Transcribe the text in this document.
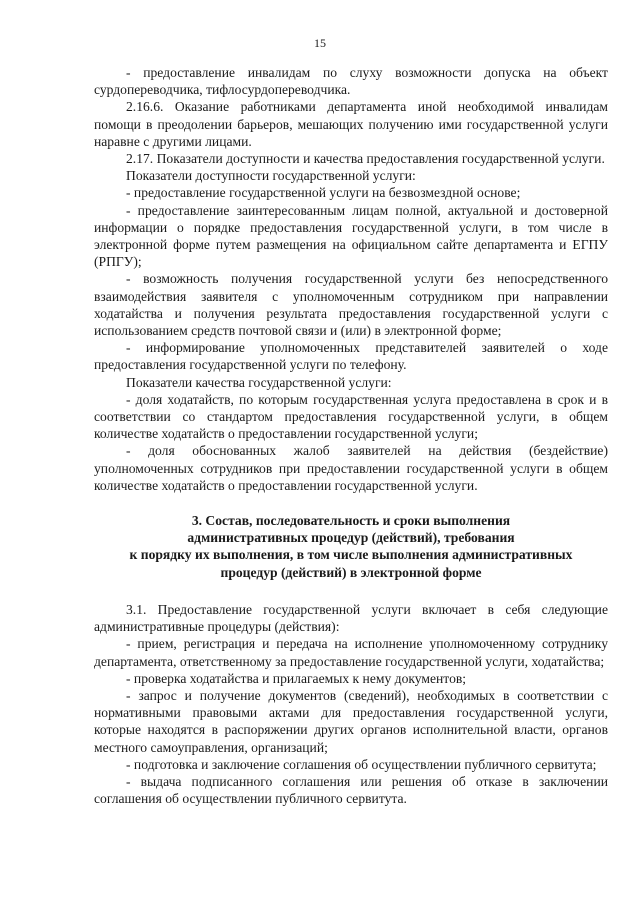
15

- предоставление инвалидам по слуху возможности допуска на объект сурдопереводчика, тифлосурдопереводчика.

2.16.6. Оказание работниками департамента иной необходимой инвалидам помощи в преодолении барьеров, мешающих получению ими государственной услуги наравне с другими лицами.

2.17. Показатели доступности и качества предоставления государственной услуги.

Показатели доступности государственной услуги:

- предоставление государственной услуги на безвозмездной основе;

- предоставление заинтересованным лицам полной, актуальной и достоверной информации о порядке предоставления государственной услуги, в том числе в электронной форме путем размещения на официальном сайте департамента и ЕГПУ (РПГУ);

- возможность получения государственной услуги без непосредственного взаимодействия заявителя с уполномоченным сотрудником при направлении ходатайства и получения результата предоставления государственной услуги с использованием средств почтовой связи и (или) в электронной форме;

- информирование уполномоченных представителей заявителей о ходе предоставления государственной услуги по телефону.

Показатели качества государственной услуги:

- доля ходатайств, по которым государственная услуга предоставлена в срок и в соответствии со стандартом предоставления государственной услуги, в общем количестве ходатайств о предоставлении государственной услуги;

- доля обоснованных жалоб заявителей на действия (бездействие) уполномоченных сотрудников при предоставлении государственной услуги в общем количестве ходатайств о предоставлении государственной услуги.

3. Состав, последовательность и сроки выполнения
административных процедур (действий), требования
к порядку их выполнения, в том числе выполнения административных
процедур (действий) в электронной форме

3.1. Предоставление государственной услуги включает в себя следующие административные процедуры (действия):

- прием, регистрация и передача на исполнение уполномоченному сотруднику департамента, ответственному за предоставление государственной услуги, ходатайства;

- проверка ходатайства и прилагаемых к нему документов;

- запрос и получение документов (сведений), необходимых в соответствии с нормативными правовыми актами для предоставления государственной услуги, которые находятся в распоряжении других органов исполнительной власти, органов местного самоуправления, организаций;

- подготовка и заключение соглашения об осуществлении публичного сервитута;

- выдача подписанного соглашения или решения об отказе в заключении соглашения об осуществлении публичного сервитута.
